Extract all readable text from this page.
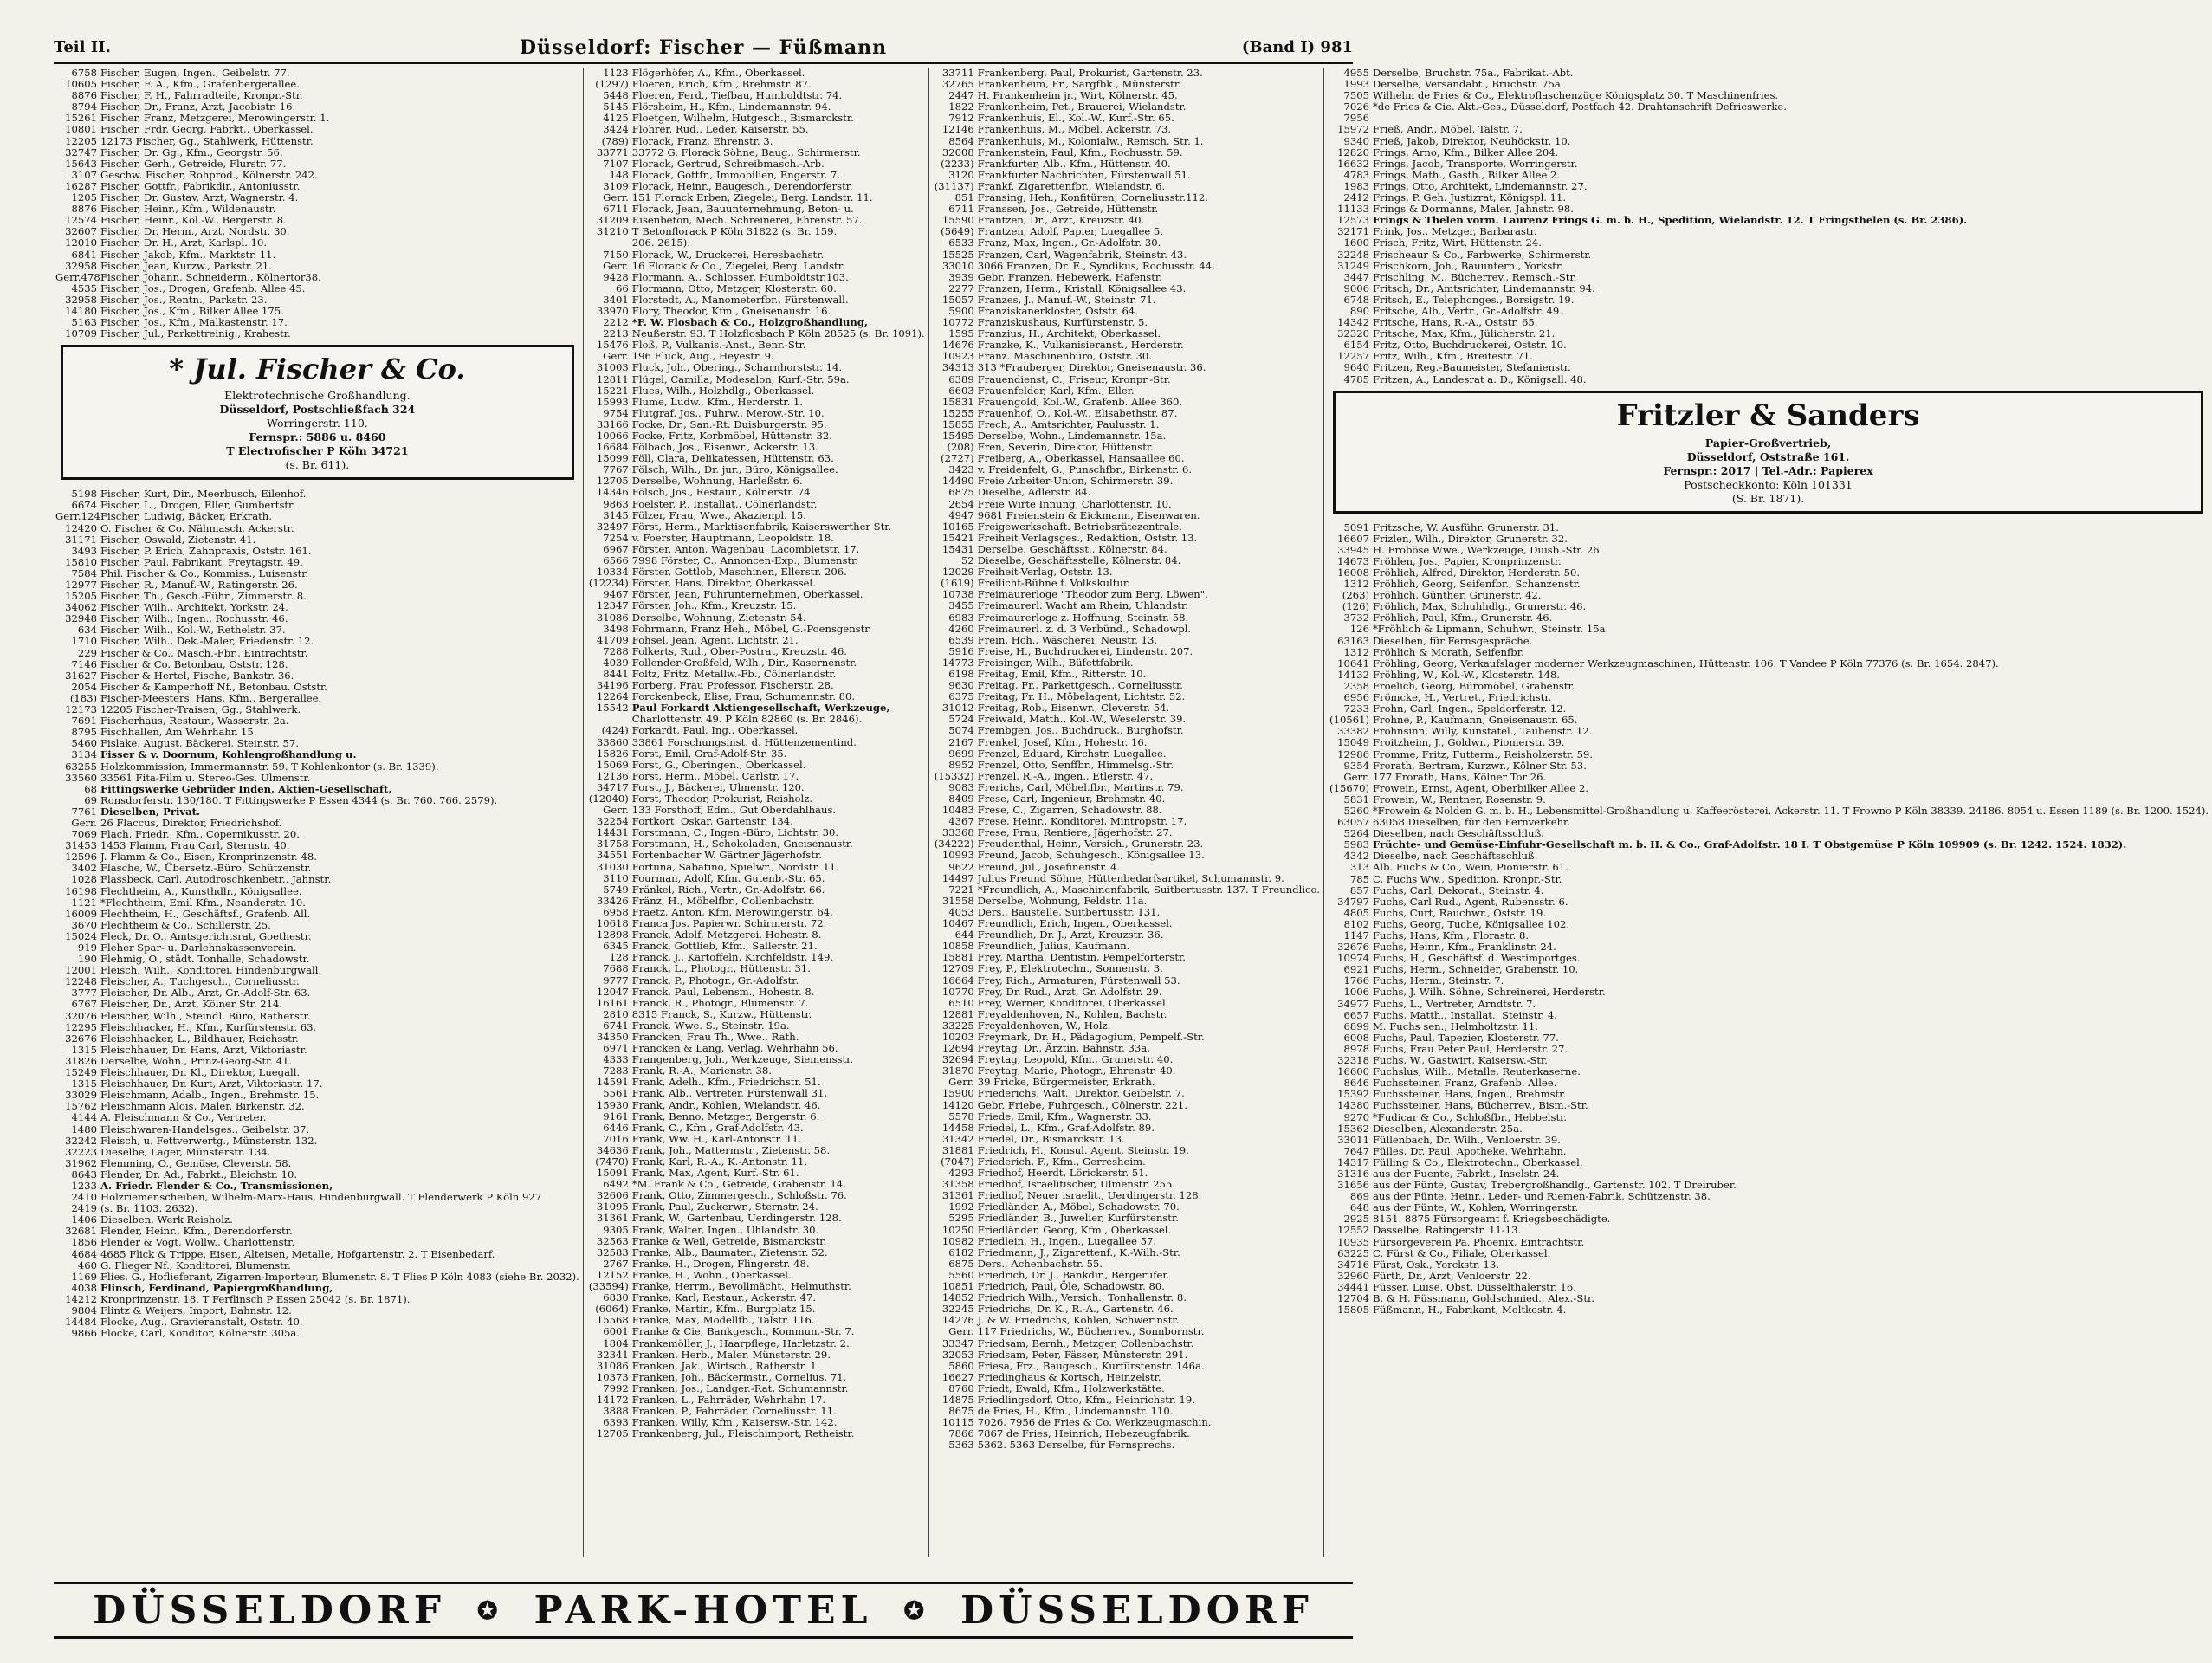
Teil II.	Düsseldorf: Fischer — Füßmann	(Band I) 981
6758 Fischer, Eugen, Ingen., Geibelstr. 77.
10605 Fischer, F. A., Kfm., Grafenbergerallee.
8876 Fischer, F. H., Fahrradteile, Kronpr.-Str.
8794 Fischer, Dr., Franz, Arzt, Jacobistr. 16.
15261 Fischer, Franz, Metzgerei, Merowingerstr. 1.
10801 Fischer, Frdr. Georg, Fabrkt., Oberkassel.
12205 12173 Fischer, Gg., Stahlwerk, Hüttenstr.
32747 Fischer, Dr. Gg., Kfm., Georgstr. 56.
15643 Fischer, Gerh., Getreide, Flurstr. 77.
3107 Geschw. Fischer, Rohprod., Kölnerstr. 242.
16287 Fischer, Gottfr., Fabrikdir., Antoniusstr.
1205 Fischer, Dr. Gustav, Arzt, Wagnerstr. 4.
8876 Fischer, Heinr., Kfm., Wildenaustr.
12574 Fischer, Heinr., Kol.-W., Bergerstr. 8.
32607 Fischer, Dr. Herm., Arzt, Nordstr. 30.
12010 Fischer, Dr. H., Arzt, Karlspl. 10.
6841 Fischer, Jakob, Kfm., Marktstr. 11.
32958 Fischer, Jean, Kurzw., Parkstr. 21.
Gerr.478 Fischer, Johann, Schneiderm., Kölnertor38.
4535 Fischer, Jos., Drogen, Grafenb. Allee 45.
32958 Fischer, Jos., Rentn., Parkstr. 23.
14180 Fischer, Jos., Kfm., Bilker Allee 175.
5163 Fischer, Jos., Kfm., Malkastenstr. 17.
10709 Fischer, Jul., Parkettreinig., Krahestr.
* Jul. Fischer & Co.
Elektrotechnische Großhandlung.
Düsseldorf, Postschließfach 324
Worringerstr. 110.
Fernspr.: 5886 u. 8460
T Electrofischer P Köln 34721
(s. Br. 611).
5198 Fischer, Kurt, Dir., Meerbusch, Eilenhof.
6674 Fischer, L., Drogen, Eller, Gumbertstr.
Gerr.124 Fischer, Ludwig, Bäcker, Erkrath.
12420 O. Fischer & Co. Nähmasch. Ackerstr.
31171 Fischer, Oswald, Zietenstr. 41.
3493 Fischer, P. Erich, Zahnpraxis, Oststr. 161.
15810 Fischer, Paul, Fabrikant, Freytagstr. 49.
7584 Phil. Fischer & Co., Kommiss., Luisenstr.
12977 Fischer, R., Manuf.-W., Ratingerstr. 26.
15205 Fischer, Th., Gesch.-Führ., Zimmerstr. 8.
34062 Fischer, Wilh., Architekt, Yorkstr. 24.
32948 Fischer, Wilh., Ingen., Rochusstr. 46.
634 Fischer, Wilh., Kol.-W., Rethelstr. 37.
1710 Fischer, Wilh., Dek.-Maler, Friedenstr. 12.
229 Fischer & Co., Masch.-Fbr., Eintrachtstr.
7146 Fischer & Co. Betonbau, Oststr. 128.
31627 Fischer & Hertel, Fische, Bankstr. 36.
2054 Fischer & Kamperhoff Nf., Betonbau. Oststr.
(183) Fischer-Meesters, Hans, Kfm., Bergerallee.
12173 12205 Fischer-Traisen, Gg., Stahlwerk.
7691 Fischerhaus, Restaur., Wasserstr. 2a.
8795 Fischhallen, Am Wehrhahn 15.
5460 Fislake, August, Bäckerei, Steinstr. 57.
3134 Fisser & v. Doornum, Kohlengroßhandlung u.
63255 Holzkommission, Immermannstr. 59. T Kohlenkontor (s. Br. 1339).
33560 33561 Fita-Film u. Stereo-Ges. Ulmenstr.
68 Fittingswerke Gebrüder Inden, Aktien-Gesellschaft,
69 Ronsdorferstr. 130/180. T Fittingswerke P Essen 4344 (s. Br. 760. 766. 2579).
7761 Dieselben, Privat.
Gerr. 26 Flaccus, Direktor, Friedrichshof.
7069 Flach, Friedr., Kfm., Copernikusstr. 20.
31453 1453 Flamm, Frau Carl, Sternstr. 40.
12596 J. Flamm & Co., Eisen, Kronprinzenstr. 48.
3402 Flasche, W., Übersetz.-Büro, Schützenstr.
1028 Flassbeck, Carl, Autodroschkenbetr., Jahnstr.
16198 Flechtheim, A., Kunsthdlr., Königsallee.
1121 *Flechtheim, Emil Kfm., Neanderstr. 10.
16009 Flechtheim, H., Geschäftsf., Grafenb. All.
3670 Flechtheim & Co., Schillerstr. 25.
15024 Fleck, Dr. O., Amtsgerichtsrat, Goethestr.
919 Fleher Spar- u. Darlehnskassenverein.
190 Flehmig, O., städt. Tonhalle, Schadowstr.
12001 Fleisch, Wilh., Konditorei, Hindenburgwall.
12248 Fleischer, A., Tuchgesch., Corneliusstr.
3777 Fleischer, Dr. Alb., Arzt, Gr.-Adolf-Str. 63.
6767 Fleischer, Dr., Arzt, Kölner Str. 214.
32076 Fleischer, Wilh., Steindl. Büro, Ratherstr.
12295 Fleischhacker, H., Kfm., Kurfürstenstr. 63.
32676 Fleischhacker, L., Bildhauer, Reichsstr.
1315 Fleischhauer, Dr. Hans, Arzt, Viktoriastr.
31826 Derselbe, Wohn., Prinz-Georg-Str. 41.
15249 Fleischhauer, Dr. Kl., Direktor, Luegall.
1315 Fleischhauer, Dr. Kurt, Arzt, Viktoriastr. 17.
33029 Fleischmann, Adalb., Ingen., Brehmstr. 15.
15762 Fleischmann Alois, Maler, Birkenstr. 32.
4144 A. Fleischmann & Co., Vertreter.
1480 Fleischwaren-Handelsges., Geibelstr. 37.
32242 Fleisch, u. Fettverwertg., Münsterstr. 132.
32223 Dieselbe, Lager, Münsterstr. 134.
31962 Flemming, O., Gemüse, Cleverstr. 58.
8643 Flender, Dr. Ad., Fabrkt., Bleichstr. 10.
1233 A. Friedr. Flender & Co., Transmissionen,
2410 Holzriemenscheiben, Wilhelm-Marx-Haus, Hindenburgwall. T Flenderwerk P Köln 927
2419 (s. Br. 1103. 2632).
1406 Dieselben, Werk Reisholz.
32681 Flender, Heinr., Kfm., Derendorferstr.
1856 Flender & Vogt, Wollw., Charlottenstr.
4684 4685 Flick & Trippe, Eisen, Alteisen, Metalle, Hofgartenstr. 2. T Eisenbedarf.
460 G. Flieger Nf., Konditorei, Blumenstr.
1169 Flies, G., Hoflieferant, Zigarren-Importeur, Blumenstr. 8. T Flies P Köln 4083 (siehe Br. 2032).
4038 Flinsch, Ferdinand, Papiergroßhandlung,
14212 Kronprinzenstr. 18. T Ferflinsch P Essen 25042 (s. Br. 1871).
9804 Flintz & Weijers, Import, Bahnstr. 12.
14484 Flocke, Aug., Gravieranstalt, Oststr. 40.
9866 Flocke, Carl, Konditor, Kölnerstr. 305a.
1123 Flögerhöfer, A., Kfm., Oberkassel.
(1297) Floeren, Erich, Kfm., Brehmstr. 87.
5448 Floeren, Ferd., Tiefbau, Humboldtstr. 74.
5145 Flörsheim, H., Kfm., Lindemannstr. 94.
4125 Floetgen, Wilhelm, Hutgesch., Bismarckstr.
3424 Flohrer, Rud., Leder, Kaiserstr. 55.
(789) Florack, Franz, Ehrenstr. 3.
33771 33772 G. Florack Söhne, Baug., Schirmerstr.
7107 Florack, Gertrud, Schreibmasch.-Arb.
148 Florack, Gottfr., Immobilien, Engerstr. 7.
3109 Florack, Heinr., Baugesch., Derendorferstr.
Gerr. 151 Florack Erben, Ziegelei, Berg. Landstr. 11.
6711 Florack, Jean, Bauunternehmung, Beton- u.
31209 Eisenbeton, Mech. Schreinerei, Ehrenstr. 57.
31210 T Betonflorack P Köln 31822 (s. Br. 159.
206. 2615).
7150 Florack, W., Druckerei, Heresbachstr.
Gerr. 16 Florack & Co., Ziegelei, Berg. Landstr.
9428 Flormann, A., Schlosser, Humboldtstr.103.
66 Flormann, Otto, Metzger, Klosterstr. 60.
3401 Florstedt, A., Manometerfbr., Fürstenwall.
33970 Flory, Theodor, Kfm., Gneisenaustr. 16.
2212 *F. W. Flosbach & Co., Holzgroßhandlung,
2213 Neußerstr. 93. T Holzflosbach P Köln 28525 (s. Br. 1091).
15476 Floß, P., Vulkanis.-Anst., Benr.-Str.
Gerr. 196 Fluck, Aug., Heyestr. 9.
31003 Fluck, Joh., Obering., Scharnhorststr. 14.
12811 Flügel, Camilla, Modesalon, Kurf.-Str. 59a.
15221 Flues, Wilh., Holzhdlg., Oberkassel.
15993 Flume, Ludw., Kfm., Herderstr. 1.
9754 Flutgraf, Jos., Fuhrw., Merow.-Str. 10.
33166 Focke, Dr., San.-Rt. Duisburgerstr. 95.
10066 Focke, Fritz, Korbmöbel, Hüttenstr. 32.
16684 Fölbach, Jos., Eisenwr., Ackerstr. 13.
15099 Föll, Clara, Delikatessen, Hüttenstr. 63.
7767 Fölsch, Wilh., Dr. jur., Büro, Königsallee.
12705 Derselbe, Wohnung, Harleßstr. 6.
14346 Fölsch, Jos., Restaur., Kölnerstr. 74.
9863 Foelster, P., Installat., Cölnerlandstr.
3145 Fölzer, Frau, Wwe., Akazienpl. 15.
32497 Först, Herm., Marktisenfabrik, Kaiserswerther Str.
7254 v. Foerster, Hauptmann, Leopoldstr. 18.
6967 Förster, Anton, Wagenbau, Lacombletstr. 17.
6566 7998 Förster, C., Annoncen-Exp., Blumenstr.
10334 Förster, Gottlob, Maschinen, Ellerstr. 206.
(12234) Förster, Hans, Direktor, Oberkassel.
9467 Förster, Jean, Fuhrunternehmen, Oberkassel.
12347 Förster, Joh., Kfm., Kreuzstr. 15.
31086 Derselbe, Wohnung, Zietenstr. 54.
3498 Fohrmann, Franz Heh., Möbel, G.-Poensgenstr.
41709 Fohsel, Jean, Agent, Lichtstr. 21.
7288 Folkerts, Rud., Ober-Postrat, Kreuzstr. 46.
4039 Follender-Großfeld, Wilh., Dir., Kasernenstr.
8441 Foltz, Fritz, Metallw.-Fb., Cölnerlandstr.
34196 Forberg, Frau Professor, Fischerstr. 28.
12264 Forckenbeck, Elise, Frau, Schumannstr. 80.
15542 Paul Forkardt Aktiengesellschaft, Werkzeuge,
Charlottenstr. 49. P Köln 82860 (s. Br. 2846).
(424) Forkardt, Paul, Ing., Oberkassel.
33860 33861 Forschungsinst. d. Hüttenzementind.
15826 Forst, Emil, Graf-Adolf-Str. 35.
15069 Forst, G., Oberingen., Oberkassel.
12136 Forst, Herm., Möbel, Carlstr. 17.
34717 Forst, J., Bäckerei, Ulmenstr. 120.
(12040) Forst, Theodor, Prokurist, Reisholz.
Gerr. 133 Forsthoff, Edm., Gut Oberdahlhaus.
32254 Fortkort, Oskar, Gartenstr. 134.
14431 Forstmann, C., Ingen.-Büro, Lichtstr. 30.
31758 Forstmann, H., Schokoladen, Gneisenaustr.
34551 Fortenbacher W. Gärtner Jägerhofstr.
31030 Fortuna, Sabatino, Spielwr., Nordstr. 11.
3110 Fourman, Adolf, Kfm. Gutenb.-Str. 65.
5749 Fränkel, Rich., Vertr., Gr.-Adolfstr. 66.
33426 Fränz, H., Möbelfbr., Collenbachstr.
6958 Fraetz, Anton, Kfm. Merowingerstr. 64.
10618 Franca Jos. Papierwr. Schirmerstr. 72.
12898 Franck, Adolf, Metzgerei, Hohestr. 8.
6345 Franck, Gottlieb, Kfm., Sallerstr. 21.
128 Franck, J., Kartoffeln, Kirchfeldstr. 149.
7688 Franck, L., Photogr., Hüttenstr. 31.
9777 Franck, P., Photogr., Gr.-Adolfstr.
12047 Franck, Paul, Lebensm., Hohestr. 8.
16161 Franck, R., Photogr., Blumenstr. 7.
2810 8315 Franck, S., Kurzw., Hüttenstr.
6741 Franck, Wwe. S., Steinstr. 19a.
34350 Francken, Frau Th., Wwe., Rath.
6971 Francken & Lang, Verlag, Wehrhahn 56.
4333 Frangenberg, Joh., Werkzeuge, Siemensstr.
7283 Frank, R.-A., Marienstr. 38.
14591 Frank, Adelh., Kfm., Friedrichstr. 51.
5561 Frank, Alb., Vertreter, Fürstenwall 31.
15930 Frank, Andr., Kohlen, Wielandstr. 46.
9161 Frank, Benno, Metzger, Bergerstr. 6.
6446 Frank, C., Kfm., Graf-Adolfstr. 43.
7016 Frank, Ww. H., Karl-Antonstr. 11.
34636 Frank, Joh., Mattermstr., Zietenstr. 58.
(7470) Frank, Karl, R.-A., K.-Antonstr. 11.
15091 Frank, Max, Agent, Kurf.-Str. 61.
6492 *M. Frank & Co., Getreide, Grabenstr. 14.
32606 Frank, Otto, Zimmergesch., Schloßstr. 76.
31095 Frank, Paul, Zuckerwr., Sternstr. 24.
31361 Frank, W., Gartenbau, Uerdingerstr. 128.
9305 Frank, Walter, Ingen., Uhlandstr. 30.
32563 Franke & Weil, Getreide, Bismarckstr.
32583 Franke, Alb., Baumater., Zietenstr. 52.
2767 Franke, H., Drogen, Flingerstr. 48.
12152 Franke, H., Wohn., Oberkassel.
(33594) Franke, Herrm., Bevollmächt., Helmuthstr.
6830 Franke, Karl, Restaur., Ackerstr. 47.
(6064) Franke, Martin, Kfm., Burgplatz 15.
15568 Franke, Max, Modellfb., Talstr. 116.
6001 Franke & Cie, Bankgesch., Kommun.-Str. 7.
1804 Frankemöller, J., Haarpflege, Harletzstr. 2.
32341 Franken, Herb., Maler, Münsterstr. 29.
31086 Franken, Jak., Wirtsch., Ratherstr. 1.
10373 Franken, Joh., Bäckermstr., Cornelius. 71.
7992 Franken, Jos., Landger.-Rat, Schumannstr.
14172 Franken, L., Fahrräder, Wehrhahn 17.
3888 Franken, P., Fahrräder, Corneliusstr. 11.
6393 Franken, Willy, Kfm., Kaisersw.-Str. 142.
12705 Frankenberg, Jul., Fleischimport, Retheistr.
33711 Frankenberg, Paul, Prokurist, Gartenstr. 23.
32765 Frankenheim, Fr., Sargfbk., Münsterstr.
2447 H. Frankenheim jr., Wirt, Kölnerstr. 45.
1822 Frankenheim, Pet., Brauerei, Wielandstr.
7912 Frankenhuis, El., Kol.-W., Kurf.-Str. 65.
12146 Frankenhuis, M., Möbel, Ackerstr. 73.
8564 Frankenhuis, M., Kolonialw., Remsch. Str. 1.
32008 Frankenstein, Paul, Kfm., Rochusstr. 59.
(2233) Frankfurter, Alb., Kfm., Hüttenstr. 40.
3120 Frankfurter Nachrichten, Fürstenwall 51.
(31137) Frankf. Zigarettenfbr., Wielandstr. 6.
851 Fransing, Heh., Konfitüren, Corneliusstr.112.
6711 Franssen, Jos., Getreide, Hüttenstr.
15590 Frantzen, Dr., Arzt, Kreuzstr. 40.
(5649) Frantzen, Adolf, Papier, Luegallee 5.
6533 Franz, Max, Ingen., Gr.-Adolfstr. 30.
15525 Franzen, Carl, Wagenfabrik, Steinstr. 43.
33010 3066 Franzen, Dr. E., Syndikus, Rochusstr. 44.
3939 Gebr. Franzen, Hebewerk, Hafenstr.
2277 Franzen, Herm., Kristall, Königsallee 43.
15057 Franzes, J., Manuf.-W., Steinstr. 71.
5900 Franziskanerkloster, Oststr. 64.
10772 Franziskushaus, Kurfürstenstr. 5.
1595 Franzius, H., Architekt, Oberkassel.
14676 Franzke, K., Vulkanisieranst., Herderstr.
10923 Franz. Maschinenbüro, Oststr. 30.
34313 313 *Frauberger, Direktor, Gneisenaustr. 36.
6389 Frauendienst, C., Friseur, Kronpr.-Str.
6603 Frauenfelder, Karl, Kfm., Eller.
15831 Frauengold, Kol.-W., Grafenb. Allee 360.
15255 Frauenhof, O., Kol.-W., Elisabethstr. 87.
15855 Frech, A., Amtsrichter, Paulusstr. 1.
15495 Derselbe, Wohn., Lindemannstr. 15a.
(208) Fren, Severin, Direktor, Hüttenstr.
(2727) Freiberg, A., Oberkassel, Hansaallee 60.
3423 v. Freidenfelt, G., Punschfbr., Birkenstr. 6.
14490 Freie Arbeiter-Union, Schirmerstr. 39.
6875 Dieselbe, Adlerstr. 84.
2654 Freie Wirte Innung, Charlottenstr. 10.
4947 9681 Freienstein & Eickmann, Eisenwaren.
10165 Freigewerkschaft. Betriebsrätezentrale.
15421 Freiheit Verlagsges., Redaktion, Oststr. 13.
15431 Derselbe, Geschäftsst., Kölnerstr. 84.
52 Dieselbe, Geschäftsstelle, Kölnerstr. 84.
12029 Freiheit-Verlag, Oststr. 13.
(1619) Freilicht-Bühne f. Volkskultur.
10738 Freimaurerloge "Theodor zum Berg. Löwen".
3455 Freimaurerl. Wacht am Rhein, Uhlandstr.
6983 Freimaurerloge z. Hoffnung, Steinstr. 58.
4260 Freimaurerl. z. d. 3 Verbünd., Schadowpl.
6539 Frein, Hch., Wäscherei, Neustr. 13.
5916 Freise, H., Buchdruckerei, Lindenstr. 207.
14773 Freisinger, Wilh., Büfettfabrik.
6198 Freitag, Emil, Kfm., Ritterstr. 10.
9630 Freitag, Fr., Parkettgesch., Corneliusstr.
6375 Freitag, Fr. H., Möbelagent, Lichtstr. 52.
31012 Freitag, Rob., Eisenwr., Cleverstr. 54.
5724 Freiwald, Matth., Kol.-W., Weselerstr. 39.
5074 Frembgen, Jos., Buchdruck., Burghofstr.
2167 Frenkel, Josef, Kfm., Hohestr. 16.
9699 Frenzel, Eduard, Kirchstr. Luegallee.
8952 Frenzel, Otto, Senffbr., Himmelsg.-Str.
(15332) Frenzel, R.-A., Ingen., Etlerstr. 47.
9083 Frerichs, Carl, Möbel.fbr., Martinstr. 79.
8409 Frese, Carl, Ingenieur, Brehmstr. 40.
10483 Frese, C., Zigarren, Schadowstr. 88.
4367 Frese, Heinr., Konditorei, Mintropstr. 17.
33368 Frese, Frau, Rentiere, Jägerhofstr. 27.
(34222) Freudenthal, Heinr., Versich., Grunerstr. 23.
10993 Freund, Jacob, Schuhgesch., Königsallee 13.
9622 Freund, Jul., Josefinenstr. 4.
14497 Julius Freund Söhne, Hüttenbedarfsartikel, Schumannstr. 9.
7221 *Freundlich, A., Maschinenfabrik, Suitbertusstr. 137. T Freundlico.
31558 Derselbe, Wohnung, Feldstr. 11a.
4053 Ders., Baustelle, Suitbertusstr. 131.
10467 Freundlich, Erich, Ingen., Oberkassel.
644 Freundlich, Dr. J., Arzt, Kreuzstr. 36.
10858 Freundlich, Julius, Kaufmann.
15881 Frey, Martha, Dentistin, Pempelforterstr.
12709 Frey, P., Elektrotechn., Sonnenstr. 3.
16664 Frey, Rich., Armaturen, Fürstenwall 53.
10770 Frey, Dr. Rud., Arzt, Gr. Adolfstr. 29.
6510 Frey, Werner, Konditorei, Oberkassel.
12881 Freyaldenhoven, N., Kohlen, Bachstr.
33225 Freyaldenhoven, W., Holz.
10203 Freymark, Dr. H., Pädagogium, Pempelf.-Str.
12694 Freytag, Dr., Ärztin, Bahnstr. 33a.
32694 Freytag, Leopold, Kfm., Grunerstr. 40.
31870 Freytag, Marie, Photogr., Ehrenstr. 40.
Gerr. 39 Fricke, Bürgermeister, Erkrath.
15900 Friederichs, Walt., Direktor, Geibelstr. 7.
14120 Gebr. Friebe, Fuhrgesch., Cölnerstr. 221.
5578 Friede, Emil, Kfm., Wagnerstr. 33.
14458 Friedel, L., Kfm., Graf-Adolfstr. 89.
31342 Friedel, Dr., Bismarckstr. 13.
31881 Friedrich, H., Konsul. Agent, Steinstr. 19.
(7047) Friederich, F., Kfm., Gerresheim.
4293 Friedhof, Heerdt, Lörickerstr. 51.
31358 Friedhof, Israelitischer, Ulmenstr. 255.
31361 Friedhof, Neuer israelit., Uerdingerstr. 128.
1992 Friedländer, A., Möbel, Schadowstr. 70.
5295 Friedländer, B., Juwelier, Kurfürstenstr.
10250 Friedländer, Georg, Kfm., Oberkassel.
10982 Friedlein, H., Ingen., Luegallee 57.
6182 Friedmann, J., Zigarettenf., K.-Wilh.-Str.
6875 Ders., Achenbachstr. 55.
5560 Friedrich, Dr. J., Bankdir., Bergerufer.
10851 Friedrich, Paul, Öle, Schadowstr. 80.
14852 Friedrich Wilh., Versich., Tonhallenstr. 8.
32245 Friedrichs, Dr. K., R.-A., Gartenstr. 46.
14276 J. & W. Friedrichs, Kohlen, Schwerinstr.
Gerr. 117 Friedrichs, W., Bücherrev., Sonnbornstr.
33347 Friedsam, Bernh., Metzger, Collenbachstr.
32053 Friedsam, Peter, Fässer, Münsterstr. 291.
5860 Friesa, Frz., Baugesch., Kurfürstenstr. 146a.
16627 Friedinghaus & Kortsch, Heinzelstr.
8760 Friedt, Ewald, Kfm., Holzwerkstätte.
14875 Friedlingsdorf, Otto, Kfm., Heinrichstr. 19.
8675 de Fries, H., Kfm., Lindemannstr. 110.
10115 7026. 7956 de Fries & Co. Werkzeugmaschin.
7866 7867 de Fries, Heinrich, Hebezeugfabrik.
5363 5362. 5363 Derselbe, für Fernsprechs.
4955 Derselbe, Bruchstr. 75a., Fabrikat.-Abt.
1993 Derselbe, Versandabt., Bruchstr. 75a.
7505 Wilhelm de Fries & Co., Elektroflaschenzüge Königsplatz 30. T Maschinenfries.
7026 *de Fries & Cie. Akt.-Ges., Düsseldorf, Postfach 42. Drahtanschrift Defrieswerke.
7956
15972 Frieß, Andr., Möbel, Talstr. 7.
9340 Frieß, Jakob, Direktor, Neuhöckstr. 10.
12820 Frings, Arno, Kfm., Bilker Allee 204.
16632 Frings, Jacob, Transporte, Worringerstr.
4783 Frings, Math., Gasth., Bilker Allee 2.
1983 Frings, Otto, Architekt, Lindemannstr. 27.
2412 Frings, P. Geh. Justizrat, Königspl. 11.
11133 Frings & Dormanns, Maler, Jahnstr. 98.
12573 Frings & Thelen vorm. Laurenz Frings G. m. b. H., Spedition, Wielandstr. 12. T Fringsthelen (s. Br. 2386).
32171 Frink, Jos., Metzger, Barbarastr.
1600 Frisch, Fritz, Wirt, Hüttenstr. 24.
32248 Frischeaur & Co., Farbwerke, Schirmerstr.
31249 Frischkorn, Joh., Bauuntern., Yorkstr.
3447 Frischling, M., Bücherrev., Remsch.-Str.
9006 Fritsch, Dr., Amtsrichter, Lindemannstr. 94.
6748 Fritsch, E., Telephonges., Borsigstr. 19.
890 Fritsche, Alb., Vertr., Gr.-Adolfstr. 49.
14342 Fritsche, Hans, R.-A., Oststr. 65.
32320 Fritsche, Max, Kfm., Jülicherstr. 21.
6154 Fritz, Otto, Buchdruckerei, Oststr. 10.
12257 Fritz, Wilh., Kfm., Breitestr. 71.
9640 Fritzen, Reg.-Baumeister, Stefanienstr.
4785 Fritzen, A., Landesrat a. D., Königsall. 48.
Fritzler & Sanders
Papier-Großvertrieb,
Düsseldorf, Oststraße 161.
Fernspr.: 2017 | Tel.-Adr.: Papierex
Postscheckkonto: Köln 101331
(S. Br. 1871).
5091 Fritzsche, W. Ausführ. Grunerstr. 31.
16607 Frizlen, Wilh., Direktor, Grunerstr. 32.
33945 H. Froböse Wwe., Werkzeuge, Duisb.-Str. 26.
14673 Fröhlen, Jos., Papier, Kronprinzenstr.
16008 Fröhlich, Alfred, Direktor, Herderstr. 50.
1312 Fröhlich, Georg, Seifenfbr., Schanzenstr.
(263) Fröhlich, Günther, Grunerstr. 42.
(126) Fröhlich, Max, Schuhhdlg., Grunerstr. 46.
3732 Fröhlich, Paul, Kfm., Grunerstr. 46.
126 *Fröhlich & Lipmann, Schuhwr., Steinstr. 15a.
63163 Dieselben, für Fernsgespräche.
1312 Fröhlich & Morath, Seifenfbr.
10641 Fröhling, Georg, Verkaufslager moderner Werkzeugmaschinen, Hüttenstr. 106. T Vandee P Köln 77376 (s. Br. 1654. 2847).
14132 Fröhling, W., Kol.-W., Klosterstr. 148.
2358 Froelich, Georg, Büromöbel, Grabenstr.
6956 Frömcke, H., Vertret., Friedrichstr.
7233 Frohn, Carl, Ingen., Speldorferstr. 12.
(10561) Frohne, P., Kaufmann, Gneisenaustr. 65.
33382 Frohnsinn, Willy, Kunstatel., Taubenstr. 12.
15049 Froitzheim, J., Goldwr., Pionierstr. 39.
12986 Fromme, Fritz, Futterm., Reisholzerstr. 59.
9354 Frorath, Bertram, Kurzwr., Kölner Str. 53.
Gerr. 177 Frorath, Hans, Kölner Tor 26.
(15670) Frowein, Ernst, Agent, Oberbilker Allee 2.
5831 Frowein, W., Rentner, Rosenstr. 9.
5260 *Frowein & Nolden G. m. b. H., Lebensmittel-Großhandlung u. Kaffeerösterei, Ackerstr. 11. T Frowno P Köln 38339. 24186. 8054 u. Essen 1189 (s. Br. 1200. 1524).
63057 63058 Dieselben, für den Fernverkehr.
5264 Dieselben, nach Geschäftsschluß.
5983 Früchte- und Gemüse-Einfuhr-Gesellschaft m. b. H. & Co., Graf-Adolfstr. 18 I. T Obstgemüse P Köln 109909 (s. Br. 1242. 1524. 1832).
4342 Dieselbe, nach Geschäftsschluß.
313 Alb. Fuchs & Co., Wein, Pionierstr. 61.
785 C. Fuchs Ww., Spedition, Kronpr.-Str.
857 Fuchs, Carl, Dekorat., Steinstr. 4.
34797 Fuchs, Carl Rud., Agent, Rubensstr. 6.
4805 Fuchs, Curt, Rauchwr., Oststr. 19.
8102 Fuchs, Georg, Tuche, Königsallee 102.
1147 Fuchs, Hans, Kfm., Florastr. 8.
32676 Fuchs, Heinr., Kfm., Franklinstr. 24.
10974 Fuchs, H., Geschäftsf. d. Westimportges.
6921 Fuchs, Herm., Schneider, Grabenstr. 10.
1766 Fuchs, Herm., Steinstr. 7.
1006 Fuchs, J. Wilh. Söhne, Schreinerei, Herderstr.
34977 Fuchs, L., Vertreter, Arndtstr. 7.
6657 Fuchs, Matth., Installat., Steinstr. 4.
6899 M. Fuchs sen., Helmholtzstr. 11.
6008 Fuchs, Paul, Tapezier, Klosterstr. 77.
8978 Fuchs, Frau Peter Paul, Herderstr. 27.
32318 Fuchs, W., Gastwirt, Kaisersw.-Str.
16600 Fuchslus, Wilh., Metalle, Reuterkaserne.
8646 Fuchssteiner, Franz, Grafenb. Allee.
15392 Fuchssteiner, Hans, Ingen., Brehmstr.
14380 Fuchssteiner, Hans, Bücherrev., Bism.-Str.
9270 *Fudicar & Co., Schloßfbr., Hebbelstr.
15362 Dieselben, Alexanderstr. 25a.
33011 Füllenbach, Dr. Wilh., Venloerstr. 39.
7647 Fülles, Dr. Paul, Apotheke, Wehrhahn.
14317 Fülling & Co., Elektrotechn., Oberkassel.
31316 aus der Fuente, Fabrkt., Inselstr. 24.
31656 aus der Fünte, Gustav, Trebergroßhandlg., Gartenstr. 102. T Dreiruber.
869 aus der Fünte, Heinr., Leder- und Riemen-Fabrik, Schützenstr. 38.
648 aus der Fünte, W., Kohlen, Worringerstr.
2925 8151. 8875 Fürsorgeamt f. Kriegsbeschädigte.
12552 Dasselbe, Ratingerstr. 11-13.
10935 Fürsorgeverein Pa. Phoenix, Eintrachtstr.
63225 C. Fürst & Co., Filiale, Oberkassel.
34716 Fürst, Osk., Yorckstr. 13.
32960 Fürth, Dr., Arzt, Venloerstr. 22.
34441 Füsser, Luise, Obst, Düsselthalerstr. 16.
12704 B. & H. Füssmann, Goldschmied., Alex.-Str.
15805 Füßmann, H., Fabrikant, Moltkestr. 4.
DÜSSELDORF ✪ PARK-HOTEL ✪ DÜSSELDORF
